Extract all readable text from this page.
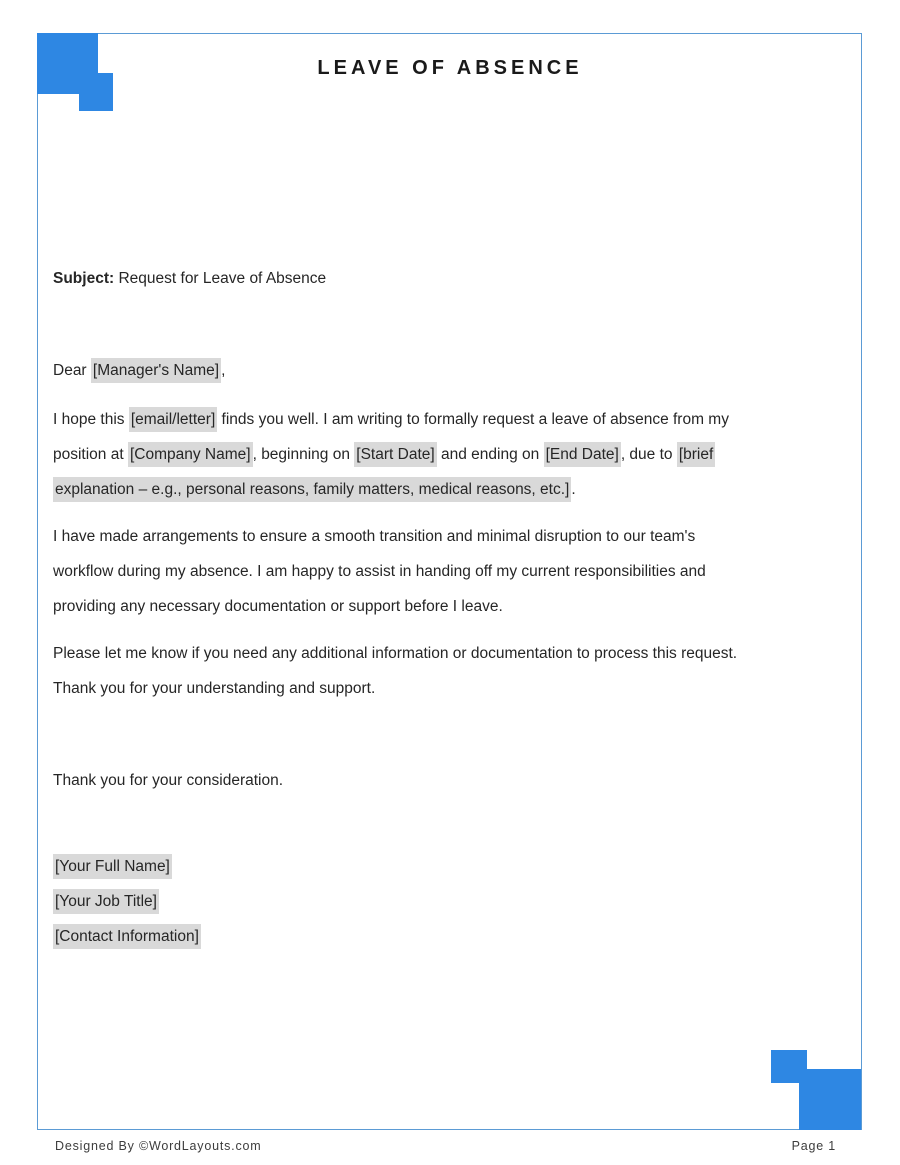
LEAVE OF ABSENCE
Subject: Request for Leave of Absence
Dear [Manager's Name] ,
I hope this [email/letter] finds you well. I am writing to formally request a leave of absence from my
position at [Company Name] , beginning on [Start Date] and ending on [End Date] , due to [brief
explanation – e.g., personal reasons, family matters, medical reasons, etc.] .
I have made arrangements to ensure a smooth transition and minimal disruption to our team's
workflow during my absence. I am happy to assist in handing off my current responsibilities and
providing any necessary documentation or support before I leave.
Please let me know if you need any additional information or documentation to process this request.
Thank you for your understanding and support.
Thank you for your consideration.
[Your Full Name]
[Your Job Title]
[Contact Information]
Designed By ©WordLayouts.com	Page 1
